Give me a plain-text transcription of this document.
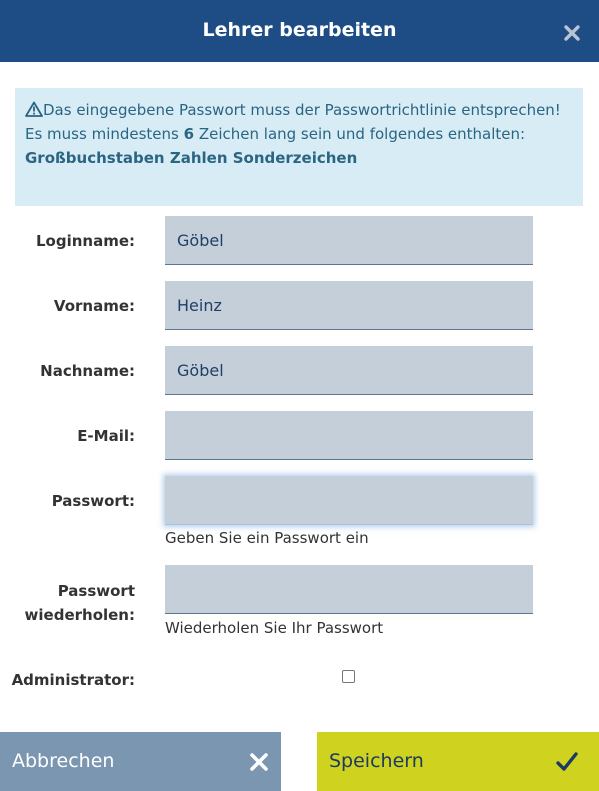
Lehrer bearbeiten
Das eingegebene Passwort muss der Passwortrichtlinie entsprechen!
Es muss mindestens 6 Zeichen lang sein und folgendes enthalten:
Großbuchstaben Zahlen Sonderzeichen
Loginname:
Göbel
Vorname:
Heinz
Nachname:
Göbel
E-Mail:
Passwort:
Geben Sie ein Passwort ein
Passwort
wiederholen:
Wiederholen Sie Ihr Passwort
Administrator:
Abbrechen	Speichern
